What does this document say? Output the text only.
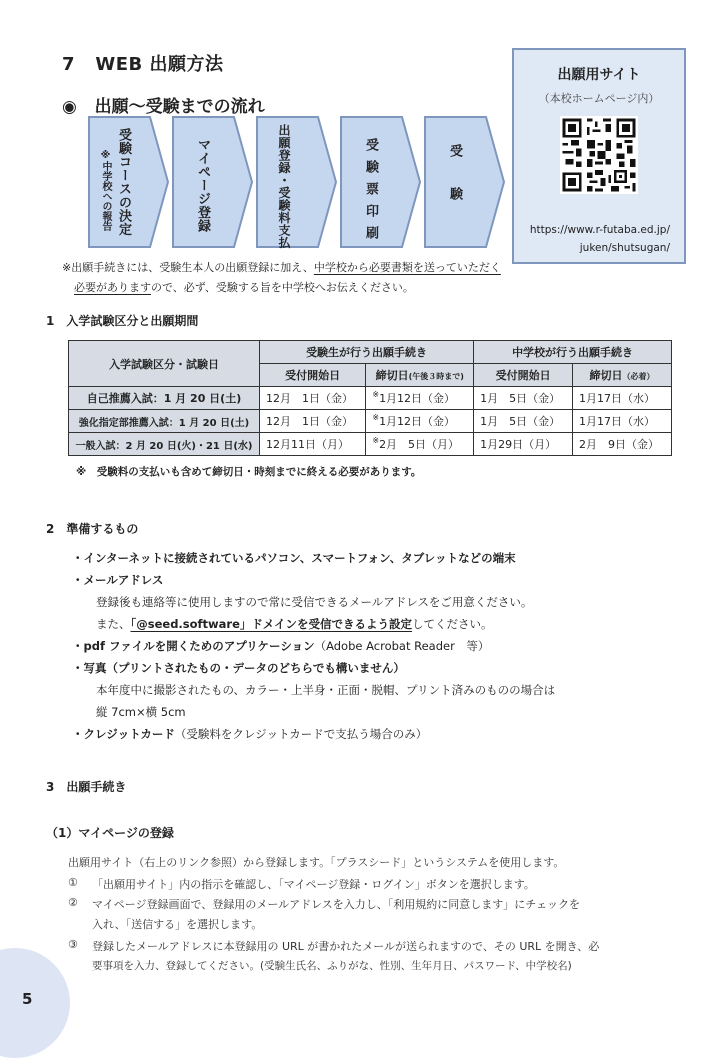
7 WEB 出願方法
◉ 出願～受験までの流れ
出願用サイト
（本校ホームページ内）
https://www.r-futaba.ed.jp/
juken/shutsugan/
受験コースの決定
※中学校への報告	マイページ登録	出願登録・受験料支払	受験票印刷	受験
※出願手続きには、受験生本人の出願登録に加え、中学校から必要書類を送っていただく
必要がありますので、必ず、受験する旨を中学校へお伝えください。
1　入学試験区分と出願期間
入学試験区分・試験日	受験生が行う出願手続き		中学校が行う出願手続き	
	受付開始日	締切日(午後３時まで)	受付開始日	締切日（必着）
自己推薦入試：1 月 20 日(土)	12月　1日（金）	※1月12日（金）	1月　5日（金）	1月17日（水）
強化指定部推薦入試：1 月 20 日(土)	12月　1日（金）	※1月12日（金）	1月　5日（金）	1月17日（水）
一般入試：2 月 20 日(火)・21 日(水)	12月11日（月）	※2月　5日（月）	1月29日（月）	2月　9日（金）
※　受験料の支払いも含めて締切日・時刻までに終える必要があります。
2　準備するもの
・インターネットに接続されているパソコン、スマートフォン、タブレットなどの端末
・メールアドレス
登録後も連絡等に使用しますので常に受信できるメールアドレスをご用意ください。
また、「@seed.software」ドメインを受信できるよう設定してください。
・pdf ファイルを開くためのアプリケーション（Adobe Acrobat Reader　等）
・写真（プリントされたもの・データのどちらでも構いません）
本年度中に撮影されたもの、カラー・上半身・正面・脱帽、プリント済みのものの場合は
縦 7cm×横 5cm
・クレジットカード（受験料をクレジットカードで支払う場合のみ）
3　出願手続き
（1）マイページの登録
出願用サイト（右上のリンク参照）から登録します。「プラスシード」というシステムを使用します。
① 「出願用サイト」内の指示を確認し、「マイページ登録・ログイン」ボタンを選択します。
② マイページ登録画面で、登録用のメールアドレスを入力し、「利用規約に同意します」にチェックを
入れ、「送信する」を選択します。
③ 登録したメールアドレスに本登録用の URL が書かれたメールが送られますので、その URL を開き、必
要事項を入力、登録してください。(受験生氏名、ふりがな、性別、生年月日、パスワード、中学校名)
5
